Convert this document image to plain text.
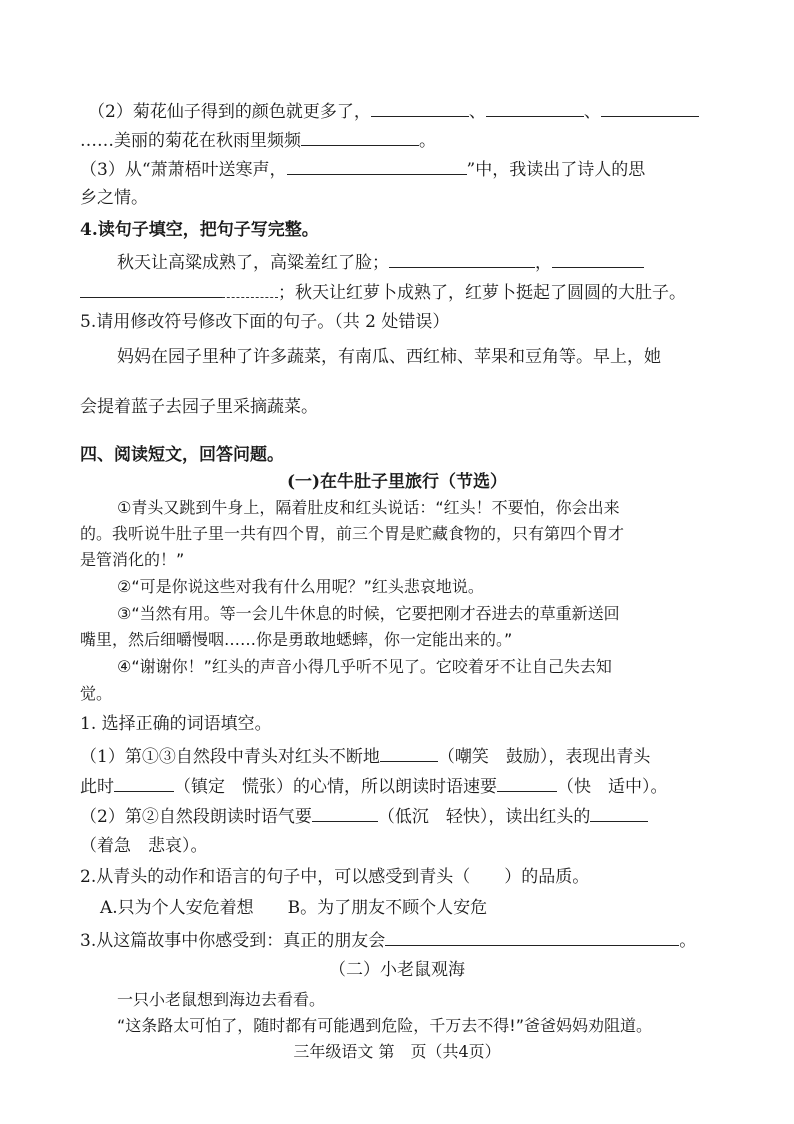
（2）菊花仙子得到的颜色就更多了，	、	、
……美丽的菊花在秋雨里频频	。
（3）从“萧萧梧叶送寒声，	”中，我读出了诗人的思
乡之情。
4.读句子填空，把句子写完整。
秋天让高粱成熟了，高粱羞红了脸；	，
；秋天让红萝卜成熟了，红萝卜挺起了圆圆的大肚子。
5.请用修改符号修改下面的句子。（共 2 处错误）
妈妈在园子里种了许多蔬菜，有南瓜、西红柿、苹果和豆角等。早上，她
会提着蓝子去园子里采摘蔬菜。
四、阅读短文，回答问题。
(一)在牛肚子里旅行（节选）
①青头又跳到牛身上，隔着肚皮和红头说话：“红头！不要怕，你会出来
的。我听说牛肚子里一共有四个胃，前三个胃是贮藏食物的，只有第四个胃才
是管消化的！”
②“可是你说这些对我有什么用呢？”红头悲哀地说。
③“当然有用。等一会儿牛休息的时候，它要把刚才吞进去的草重新送回
嘴里，然后细嚼慢咽……你是勇敢地蟋蟀，你一定能出来的。”
④“谢谢你！”红头的声音小得几乎听不见了。它咬着牙不让自己失去知
觉。
1. 选择正确的词语填空。
（1）第①③自然段中青头对红头不断地	（嘲笑　鼓励），表现出青头
此时	（镇定　慌张）的心情，所以朗读时语速要	（快　适中）。
（2）第②自然段朗读时语气要	（低沉　轻快），读出红头的
（着急　悲哀）。
2.从青头的动作和语言的句子中，可以感受到青头（　　）的品质。
A.只为个人安危着想　　B。为了朋友不顾个人安危
3.从这篇故事中你感受到：真正的朋友会	。
（二）小老鼠观海
一只小老鼠想到海边去看看。
“这条路太可怕了，随时都有可能遇到危险，千万去不得!”爸爸妈妈劝阻道。
三年级语文 第　页（共4页）
